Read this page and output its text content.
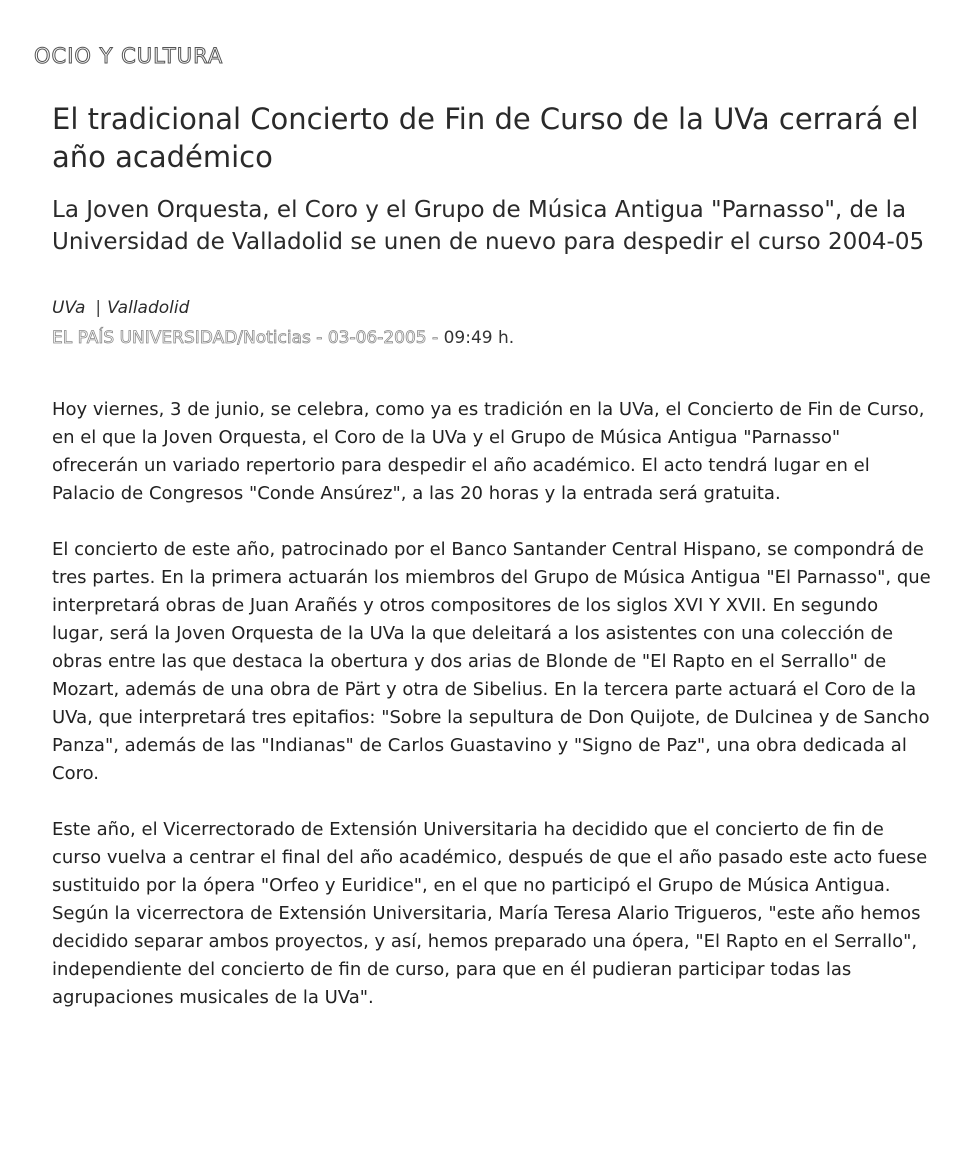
OCIO Y CULTURA
El tradicional Concierto de Fin de Curso de la UVa cerrará el año académico
La Joven Orquesta, el Coro y el Grupo de Música Antigua "Parnasso", de la Universidad de Valladolid se unen de nuevo para despedir el curso 2004-05
UVa | Valladolid
EL PAÍS UNIVERSIDAD/Noticias - 03-06-2005 - 09:49 h.

Hoy viernes, 3 de junio, se celebra, como ya es tradición en la UVa, el Concierto de Fin de Curso, en el que la Joven Orquesta, el Coro de la UVa y el Grupo de Música Antigua "Parnasso" ofrecerán un variado repertorio para despedir el año académico. El acto tendrá lugar en el Palacio de Congresos "Conde Ansúrez", a las 20 horas y la entrada será gratuita.

El concierto de este año, patrocinado por el Banco Santander Central Hispano, se compondrá de tres partes. En la primera actuarán los miembros del Grupo de Música Antigua "El Parnasso", que interpretará obras de Juan Arañés y otros compositores de los siglos XVI Y XVII. En segundo lugar, será la Joven Orquesta de la UVa la que deleitará a los asistentes con una colección de obras entre las que destaca la obertura y dos arias de Blonde de "El Rapto en el Serrallo" de Mozart, además de una obra de Pärt y otra de Sibelius. En la tercera parte actuará el Coro de la UVa, que interpretará tres epitafios: "Sobre la sepultura de Don Quijote, de Dulcinea y de Sancho Panza", además de las "Indianas" de Carlos Guastavino y "Signo de Paz", una obra dedicada al Coro.

Este año, el Vicerrectorado de Extensión Universitaria ha decidido que el concierto de fin de curso vuelva a centrar el final del año académico, después de que el año pasado este acto fuese sustituido por la ópera "Orfeo y Euridice", en el que no participó el Grupo de Música Antigua. Según la vicerrectora de Extensión Universitaria, María Teresa Alario Trigueros, "este año hemos decidido separar ambos proyectos, y así, hemos preparado una ópera, "El Rapto en el Serrallo", independiente del concierto de fin de curso, para que en él pudieran participar todas las agrupaciones musicales de la UVa".
